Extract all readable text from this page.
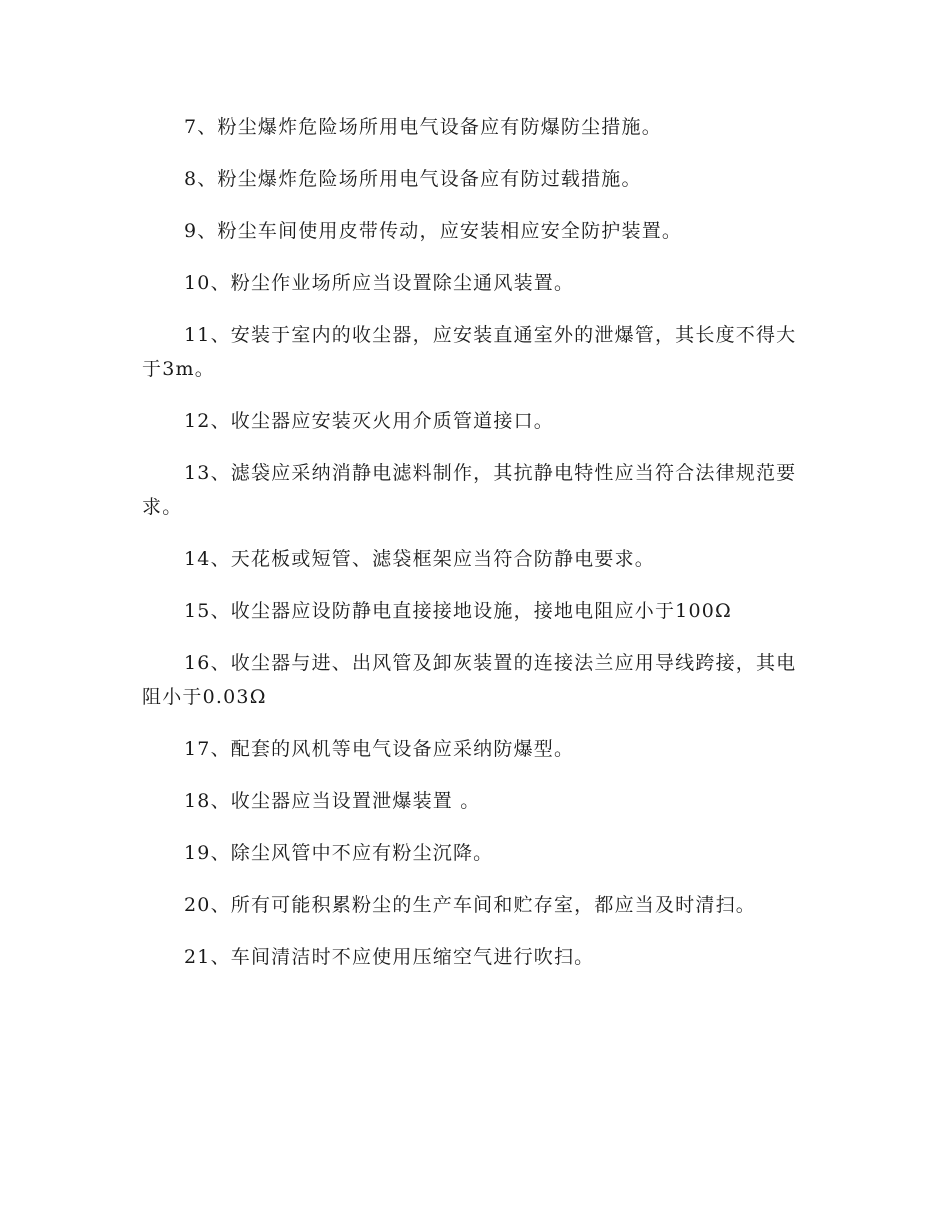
7、粉尘爆炸危险场所用电气设备应有防爆防尘措施。

8、粉尘爆炸危险场所用电气设备应有防过载措施。

9、粉尘车间使用皮带传动，应安装相应安全防护装置。

10、粉尘作业场所应当设置除尘通风装置。

11、安装于室内的收尘器，应安装直通室外的泄爆管，其长度不得大于3m。

12、收尘器应安装灭火用介质管道接口。

13、滤袋应采纳消静电滤料制作，其抗静电特性应当符合法律规范要求。

14、天花板或短管、滤袋框架应当符合防静电要求。

15、收尘器应设防静电直接接地设施，接地电阻应小于100Ω

16、收尘器与进、出风管及卸灰装置的连接法兰应用导线跨接，其电阻小于0.03Ω

17、配套的风机等电气设备应采纳防爆型。

18、收尘器应当设置泄爆装置 。

19、除尘风管中不应有粉尘沉降。

20、所有可能积累粉尘的生产车间和贮存室，都应当及时清扫。

21、车间清洁时不应使用压缩空气进行吹扫。
